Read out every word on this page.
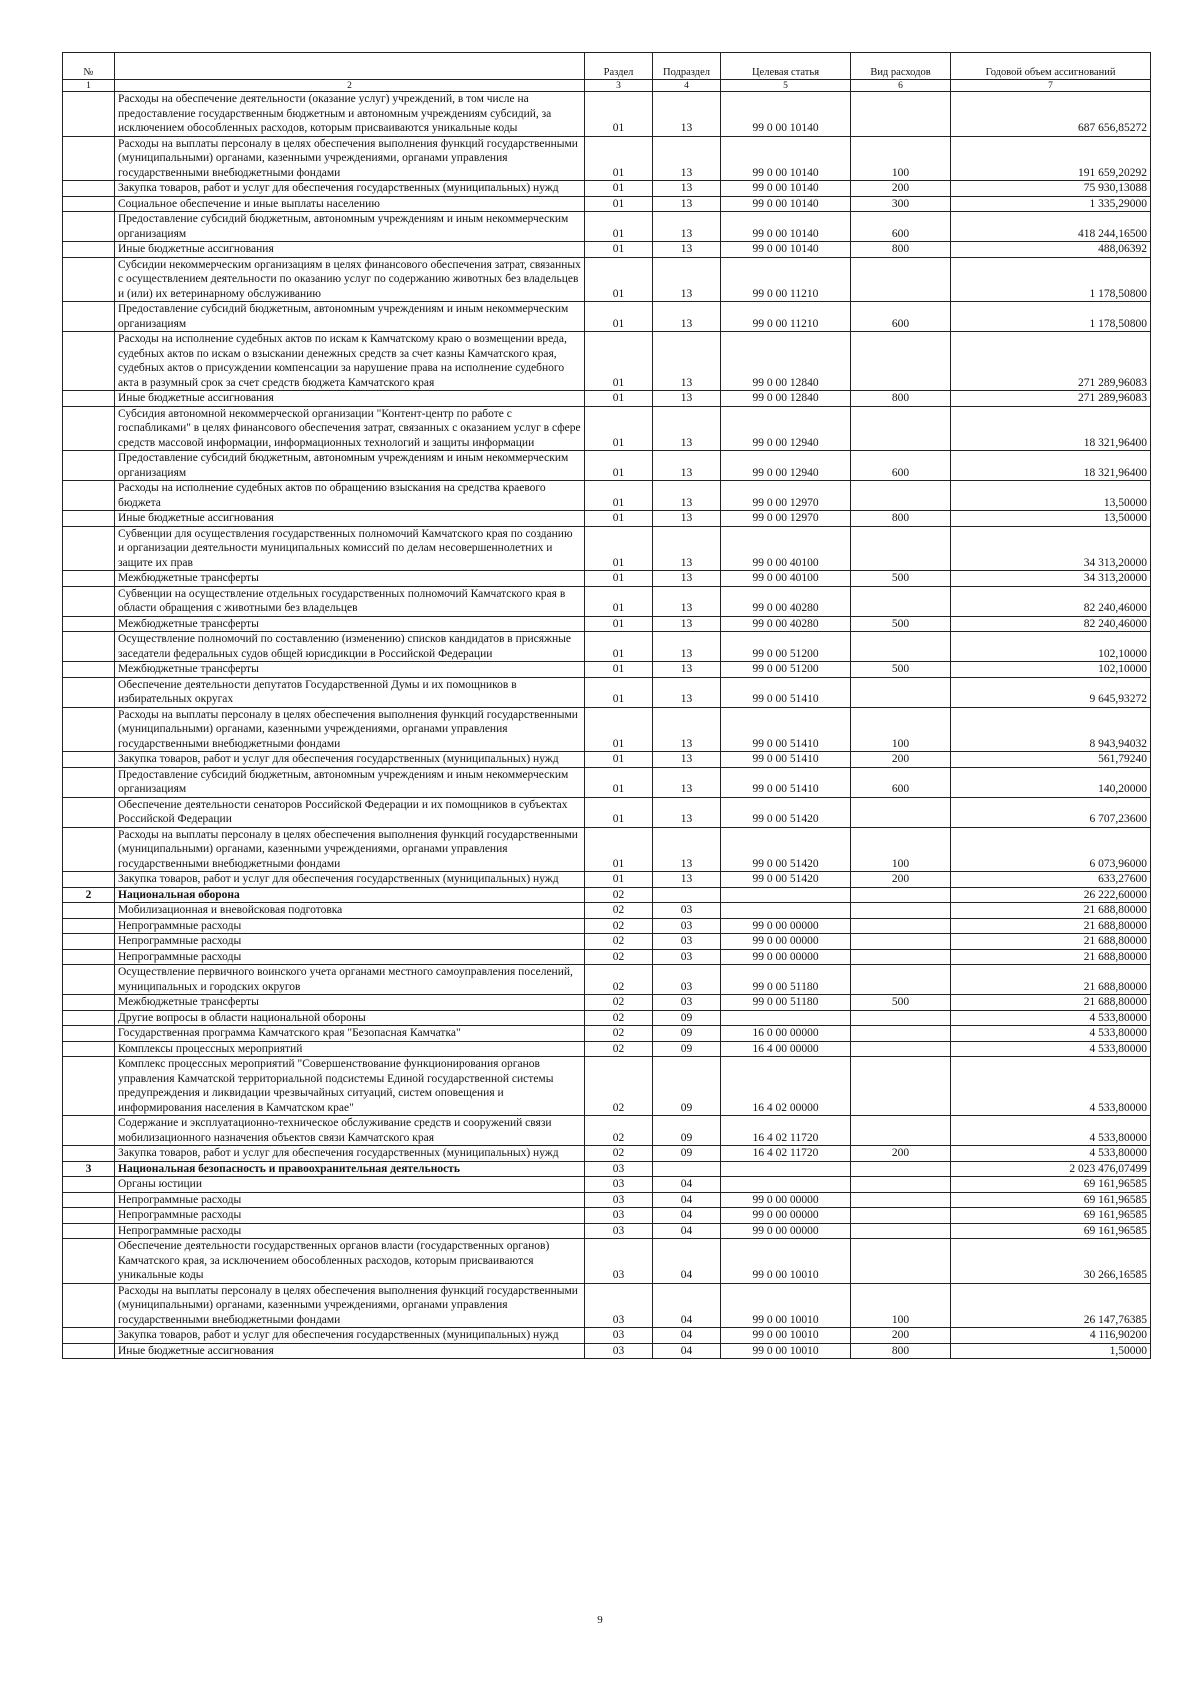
№		Раздел	Подраздел	Целевая статья	Вид расходов	Годовой объем ассигнований
1	2	3	4	5	6	7
	Расходы на обеспечение деятельности (оказание услуг) учреждений, в том числе на предоставление государственным бюджетным и автономным учреждениям субсидий, за исключением обособленных расходов, которым присваиваются уникальные коды	01	13	99 0 00 10140		687 656,85272
	Расходы на выплаты персоналу в целях обеспечения выполнения функций государственными (муниципальными) органами, казенными учреждениями, органами управления государственными внебюджетными фондами	01	13	99 0 00 10140	100	191 659,20292
	Закупка товаров, работ и услуг для обеспечения государственных (муниципальных) нужд	01	13	99 0 00 10140	200	75 930,13088
	Социальное обеспечение и иные выплаты населению	01	13	99 0 00 10140	300	1 335,29000
	Предоставление субсидий бюджетным, автономным учреждениям и иным некоммерческим организациям	01	13	99 0 00 10140	600	418 244,16500
	Иные бюджетные ассигнования	01	13	99 0 00 10140	800	488,06392
	Субсидии некоммерческим организациям в целях финансового обеспечения затрат, связанных с осуществлением деятельности по оказанию услуг по содержанию животных без владельцев и (или) их ветеринарному обслуживанию	01	13	99 0 00 11210		1 178,50800
	Предоставление субсидий бюджетным, автономным учреждениям и иным некоммерческим организациям	01	13	99 0 00 11210	600	1 178,50800
	Расходы на исполнение судебных актов по искам к Камчатскому краю о возмещении вреда, судебных актов по искам о взыскании денежных средств за счет казны Камчатского края, судебных актов о присуждении компенсации за нарушение права на исполнение судебного акта в разумный срок за счет средств бюджета Камчатского края	01	13	99 0 00 12840		271 289,96083
	Иные бюджетные ассигнования	01	13	99 0 00 12840	800	271 289,96083
	Субсидия автономной некоммерческой организации "Контент-центр по работе с госпабликами" в целях финансового обеспечения затрат, связанных с оказанием услуг в сфере средств массовой информации, информационных технологий и защиты информации	01	13	99 0 00 12940		18 321,96400
	Предоставление субсидий бюджетным, автономным учреждениям и иным некоммерческим организациям	01	13	99 0 00 12940	600	18 321,96400
	Расходы на исполнение судебных актов по обращению взыскания на средства краевого бюджета	01	13	99 0 00 12970		13,50000
	Иные бюджетные ассигнования	01	13	99 0 00 12970	800	13,50000
	Субвенции для осуществления государственных полномочий Камчатского края по созданию и организации деятельности муниципальных комиссий по делам несовершеннолетних и защите их прав	01	13	99 0 00 40100		34 313,20000
	Межбюджетные трансферты	01	13	99 0 00 40100	500	34 313,20000
	Субвенции на осуществление отдельных государственных полномочий Камчатского края в области обращения с животными без владельцев	01	13	99 0 00 40280		82 240,46000
	Межбюджетные трансферты	01	13	99 0 00 40280	500	82 240,46000
	Осуществление полномочий по составлению (изменению) списков кандидатов в присяжные заседатели федеральных судов общей юрисдикции в Российской Федерации	01	13	99 0 00 51200		102,10000
	Межбюджетные трансферты	01	13	99 0 00 51200	500	102,10000
	Обеспечение деятельности депутатов Государственной Думы и их помощников в избирательных округах	01	13	99 0 00 51410		9 645,93272
	Расходы на выплаты персоналу в целях обеспечения выполнения функций государственными (муниципальными) органами, казенными учреждениями, органами управления государственными внебюджетными фондами	01	13	99 0 00 51410	100	8 943,94032
	Закупка товаров, работ и услуг для обеспечения государственных (муниципальных) нужд	01	13	99 0 00 51410	200	561,79240
	Предоставление субсидий бюджетным, автономным учреждениям и иным некоммерческим организациям	01	13	99 0 00 51410	600	140,20000
	Обеспечение деятельности сенаторов Российской Федерации и их помощников в субъектах Российской Федерации	01	13	99 0 00 51420		6 707,23600
	Расходы на выплаты персоналу в целях обеспечения выполнения функций государственными (муниципальными) органами, казенными учреждениями, органами управления государственными внебюджетными фондами	01	13	99 0 00 51420	100	6 073,96000
	Закупка товаров, работ и услуг для обеспечения государственных (муниципальных) нужд	01	13	99 0 00 51420	200	633,27600
2	Национальная оборона	02				26 222,60000
	Мобилизационная и вневойсковая подготовка	02	03			21 688,80000
	Непрограммные расходы	02	03	99 0 00 00000		21 688,80000
	Непрограммные расходы	02	03	99 0 00 00000		21 688,80000
	Непрограммные расходы	02	03	99 0 00 00000		21 688,80000
	Осуществление первичного воинского учета органами местного самоуправления поселений, муниципальных и городских округов	02	03	99 0 00 51180		21 688,80000
	Межбюджетные трансферты	02	03	99 0 00 51180	500	21 688,80000
	Другие вопросы в области национальной обороны	02	09			4 533,80000
	Государственная программа Камчатского края "Безопасная Камчатка"	02	09	16 0 00 00000		4 533,80000
	Комплексы процессных мероприятий	02	09	16 4 00 00000		4 533,80000
	Комплекс процессных мероприятий "Совершенствование функционирования органов управления Камчатской территориальной подсистемы Единой государственной системы предупреждения и ликвидации чрезвычайных ситуаций, систем оповещения и информирования населения в Камчатском крае"	02	09	16 4 02 00000		4 533,80000
	Содержание и эксплуатационно-техническое обслуживание средств и сооружений связи мобилизационного назначения объектов связи Камчатского края	02	09	16 4 02 11720		4 533,80000
	Закупка товаров, работ и услуг для обеспечения государственных (муниципальных) нужд	02	09	16 4 02 11720	200	4 533,80000
3	Национальная безопасность и правоохранительная деятельность	03				2 023 476,07499
	Органы юстиции	03	04			69 161,96585
	Непрограммные расходы	03	04	99 0 00 00000		69 161,96585
	Непрограммные расходы	03	04	99 0 00 00000		69 161,96585
	Непрограммные расходы	03	04	99 0 00 00000		69 161,96585
	Обеспечение деятельности государственных органов власти (государственных органов) Камчатского края, за исключением обособленных расходов, которым присваиваются уникальные коды	03	04	99 0 00 10010		30 266,16585
	Расходы на выплаты персоналу в целях обеспечения выполнения функций государственными (муниципальными) органами, казенными учреждениями, органами управления государственными внебюджетными фондами	03	04	99 0 00 10010	100	26 147,76385
	Закупка товаров, работ и услуг для обеспечения государственных (муниципальных) нужд	03	04	99 0 00 10010	200	4 116,90200
	Иные бюджетные ассигнования	03	04	99 0 00 10010	800	1,50000
9
